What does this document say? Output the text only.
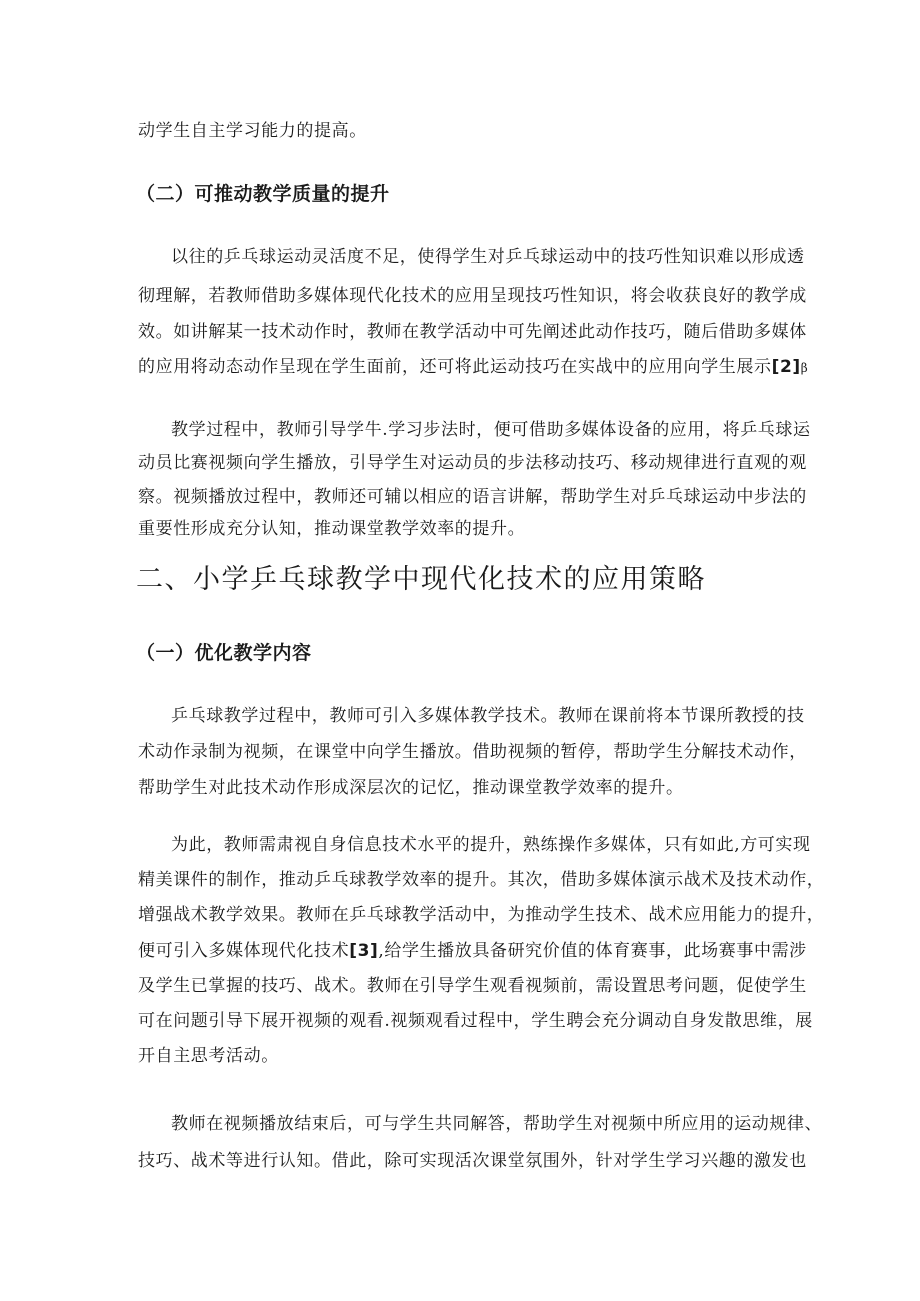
动学生自主学习能力的提高。
（二）可推动教学质量的提升
以往的乒乓球运动灵活度不足，使得学生对乒乓球运动中的技巧性知识难以形成透
彻理解，若教师借助多媒体现代化技术的应用呈现技巧性知识，将会收获良好的教学成
效。如讲解某一技术动作时，教师在教学活动中可先阐述此动作技巧，随后借助多媒体
的应用将动态动作呈现在学生面前，还可将此运动技巧在实战中的应用向学生展示[2]β
教学过程中，教师引导学牛.学习步法时，便可借助多媒体设备的应用，将乒乓球运
动员比赛视频向学生播放，引导学生对运动员的步法移动技巧、移动规律进行直观的观
察。视频播放过程中，教师还可辅以相应的语言讲解，帮助学生对乒乓球运动中步法的
重要性形成充分认知，推动课堂教学效率的提升。
二、小学乒乓球教学中现代化技术的应用策略
（一）优化教学内容
乒乓球教学过程中，教师可引入多媒体教学技术。教师在课前将本节课所教授的技
术动作录制为视频，在课堂中向学生播放。借助视频的暂停，帮助学生分解技术动作，
帮助学生对此技术动作形成深层次的记忆，推动课堂教学效率的提升。
为此，教师需肃视自身信息技术水平的提升，熟练操作多媒体，只有如此,方可实现
精美课件的制作，推动乒乓球教学效率的提升。其次，借助多媒体演示战术及技术动作，
增强战术教学效果。教师在乒乓球教学活动中，为推动学生技术、战术应用能力的提升，
便可引入多媒体现代化技术[3],给学生播放具备研究价值的体育赛事，此场赛事中需涉
及学生已掌握的技巧、战术。教师在引导学生观看视频前，需设置思考问题，促使学生
可在问题引导下展开视频的观看.视频观看过程中，学生聘会充分调动自身发散思维，展
开自主思考活动。
教师在视频播放结束后，可与学生共同解答，帮助学生对视频中所应用的运动规律、
技巧、战术等进行认知。借此，除可实现活次课堂氛围外，针对学生学习兴趣的激发也
